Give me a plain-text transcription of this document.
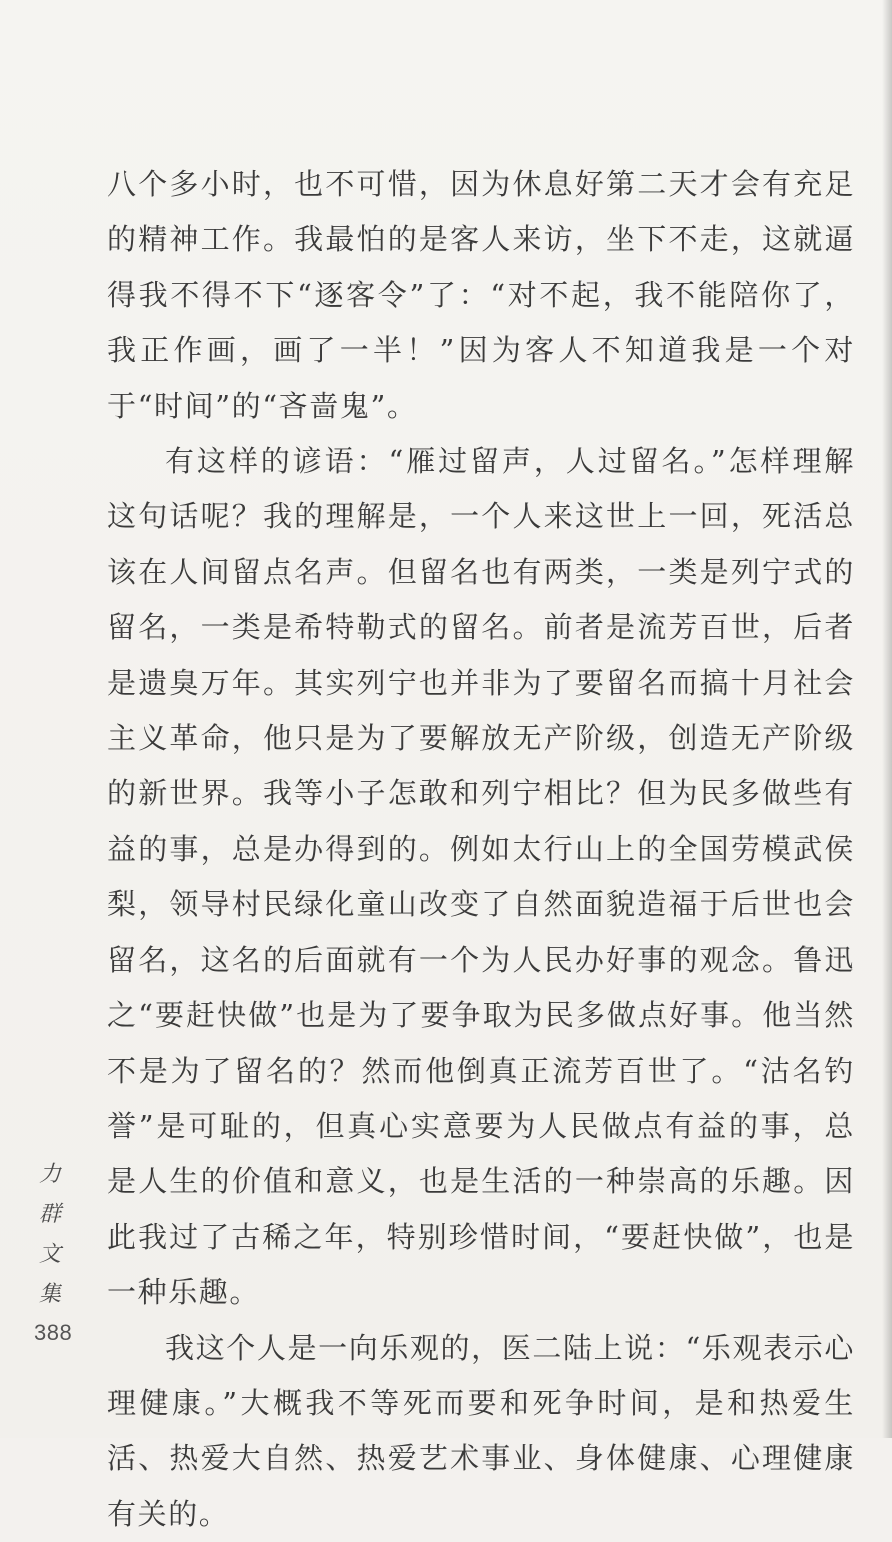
八个多小时，也不可惜，因为休息好第二天才会有充足的精神工作。我最怕的是客人来访，坐下不走，这就逼得我不得不下“逐客令”了：“对不起，我不能陪你了，我正作画，画了一半！”因为客人不知道我是一个对于“时间”的“吝啬鬼”。

有这样的谚语：“雁过留声，人过留名。”怎样理解这句话呢？我的理解是，一个人来这世上一回，死活总该在人间留点名声。但留名也有两类，一类是列宁式的留名，一类是希特勒式的留名。前者是流芳百世，后者是遗臭万年。其实列宁也并非为了要留名而搞十月社会主义革命，他只是为了要解放无产阶级，创造无产阶级的新世界。我等小子怎敢和列宁相比？但为民多做些有益的事，总是办得到的。例如太行山上的全国劳模武侯梨，领导村民绿化童山改变了自然面貌造福于后世也会留名，这名的后面就有一个为人民办好事的观念。鲁迅之“要赶快做”也是为了要争取为民多做点好事。他当然不是为了留名的？然而他倒真正流芳百世了。“沽名钓誉”是可耻的，但真心实意要为人民做点有益的事，总是人生的价值和意义，也是生活的一种崇高的乐趣。因此我过了古稀之年，特别珍惜时间，“要赶快做”，也是一种乐趣。

我这个人是一向乐观的，医二陆上说：“乐观表示心理健康。”大概我不等死而要和死争时间，是和热爱生活、热爱大自然、热爱艺术事业、身体健康、心理健康有关的。

力
群
文
集
388
